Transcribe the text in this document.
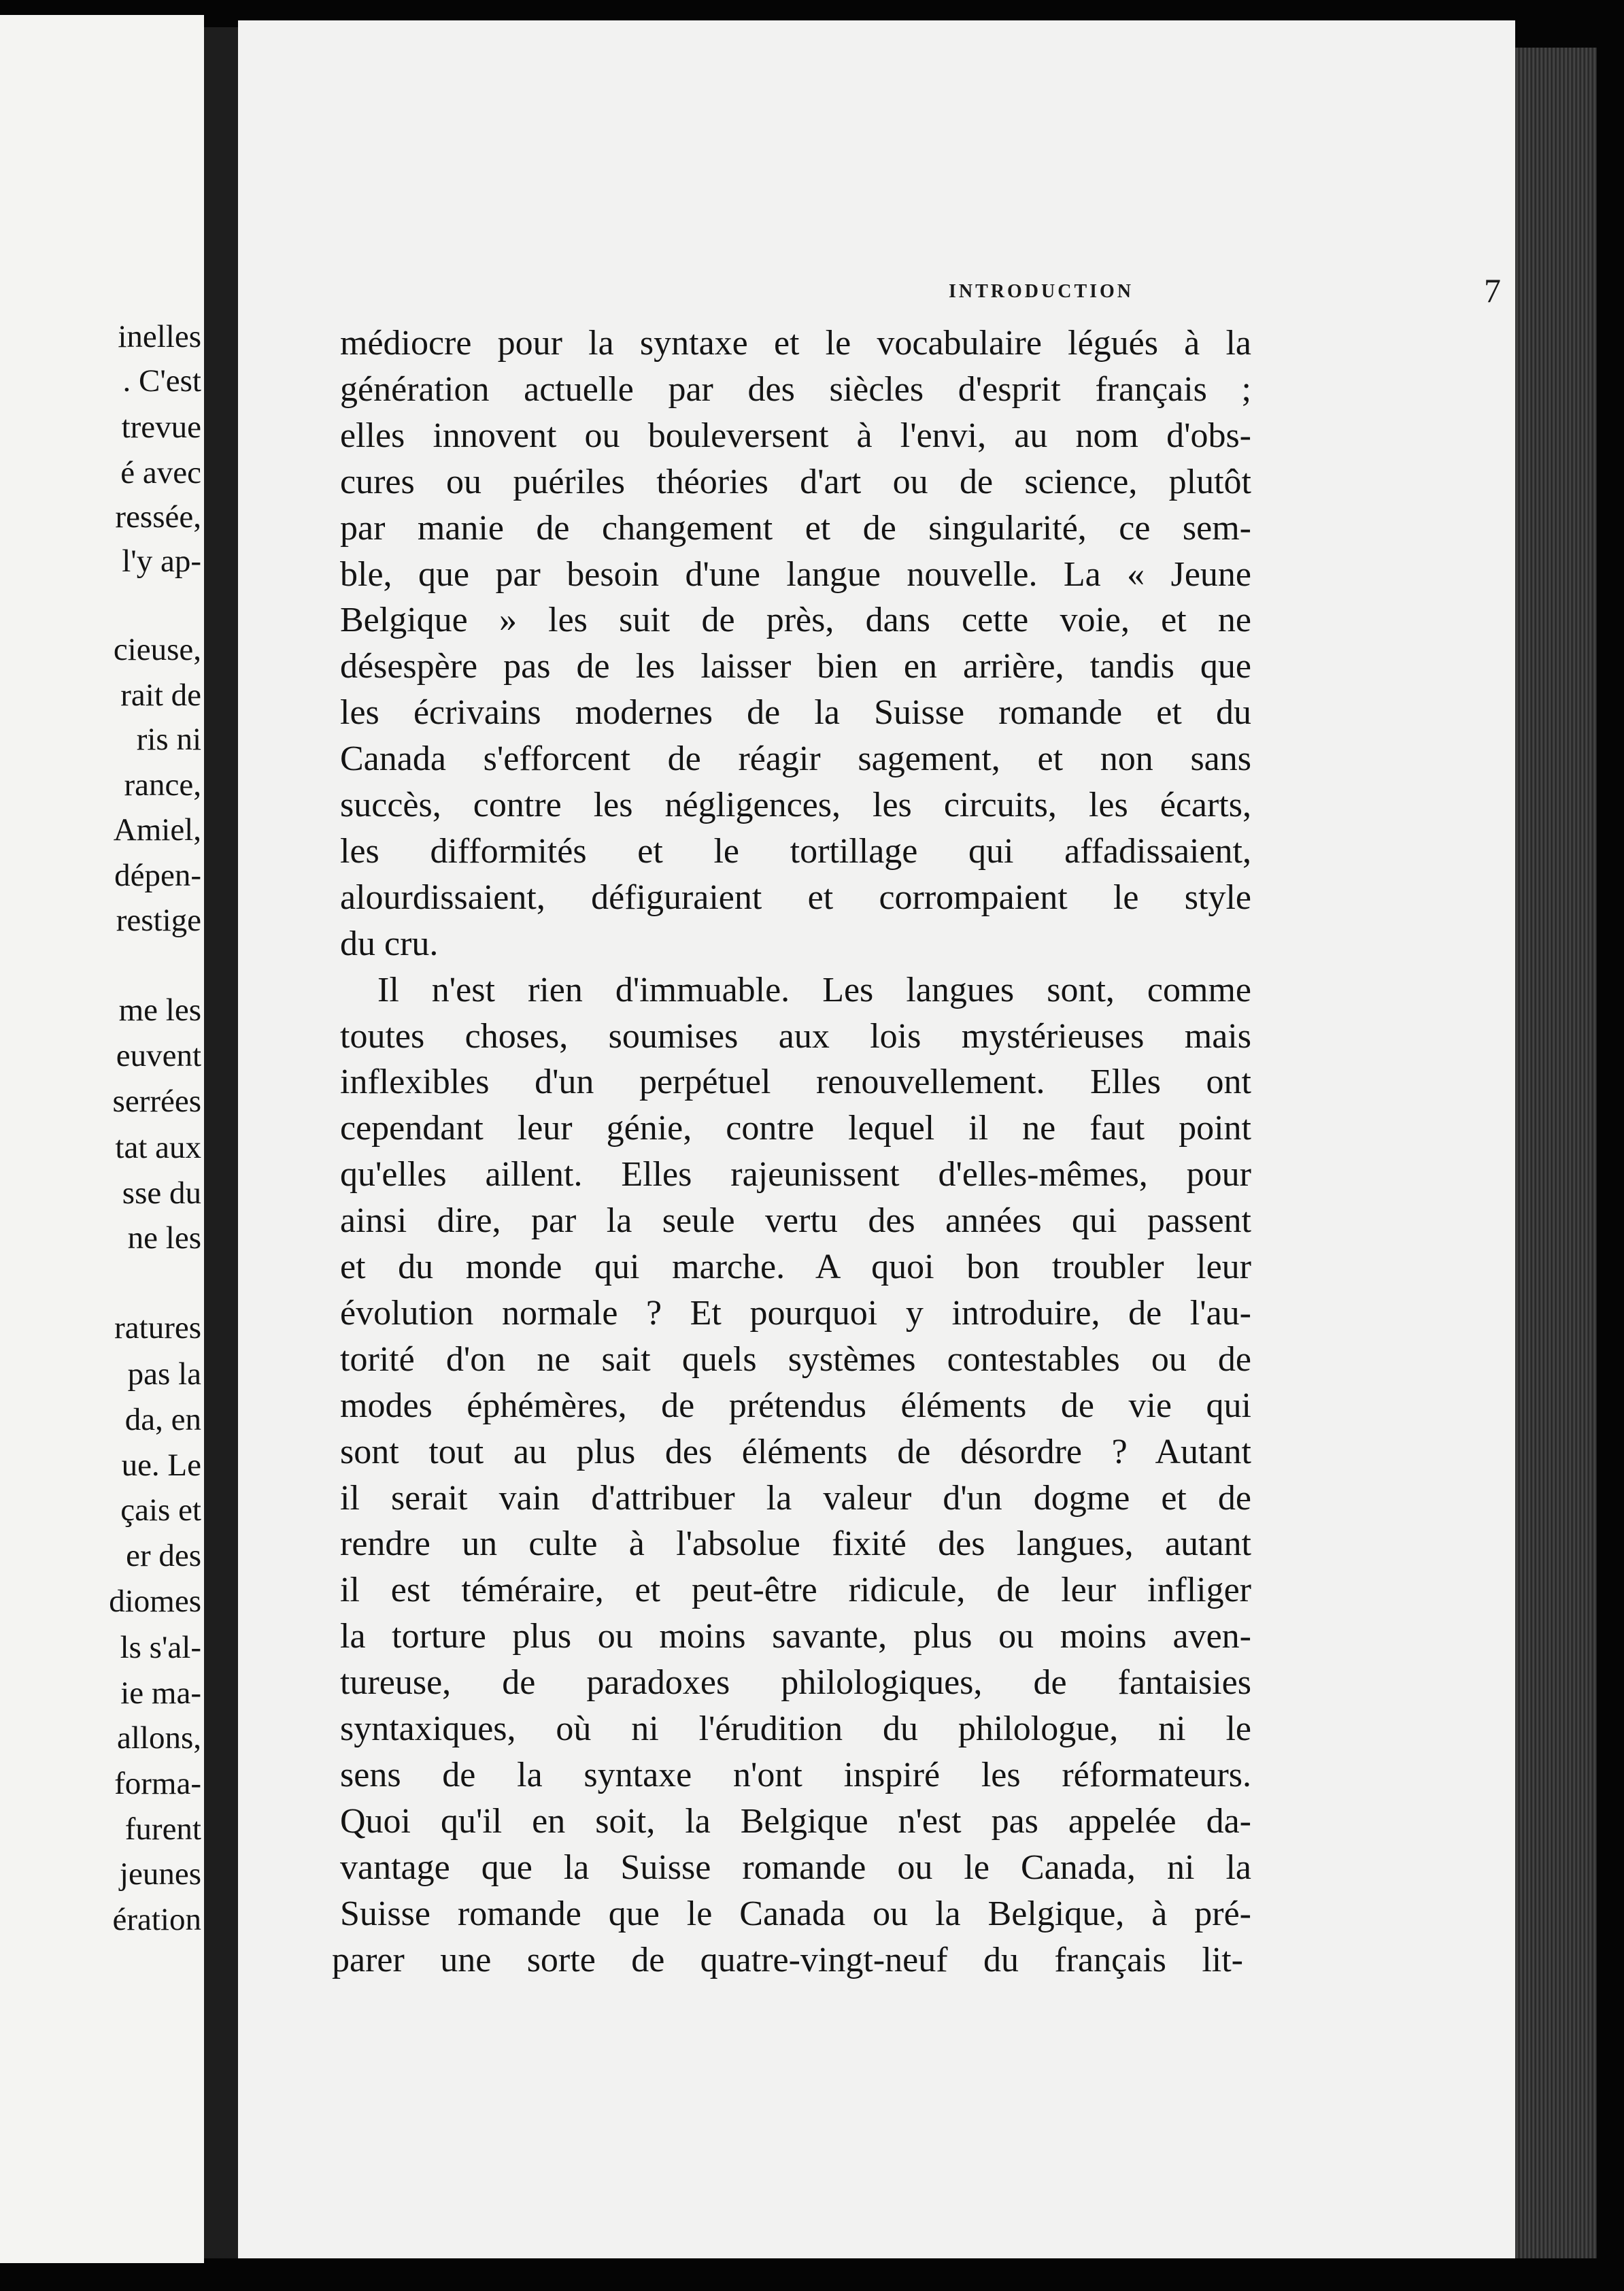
inelles
. C'est
trevue
é avec
ressée,
l'y ap-
cieuse,
rait de
ris ni
rance,
Amiel,
dépen-
restige
me les
euvent
serrées
tat aux
sse du
ne les
ratures
pas la
da, en
ue. Le
çais et
er des
diomes
ls s'al-
ie ma-
allons,
forma-
furent
jeunes
ération
INTRODUCTION	7
médiocre pour la syntaxe et le vocabulaire légués à la
génération actuelle par des siècles d'esprit français ;
elles innovent ou bouleversent à l'envi, au nom d'obs-
cures ou puériles théories d'art ou de science, plutôt
par manie de changement et de singularité, ce sem-
ble, que par besoin d'une langue nouvelle. La « Jeune
Belgique » les suit de près, dans cette voie, et ne
désespère pas de les laisser bien en arrière, tandis que
les écrivains modernes de la Suisse romande et du
Canada s'efforcent de réagir sagement, et non sans
succès, contre les négligences, les circuits, les écarts,
les difformités et le tortillage qui affadissaient,
alourdissaient, défiguraient et corrompaient le style
du cru.
Il n'est rien d'immuable. Les langues sont, comme
toutes choses, soumises aux lois mystérieuses mais
inflexibles d'un perpétuel renouvellement. Elles ont
cependant leur génie, contre lequel il ne faut point
qu'elles aillent. Elles rajeunissent d'elles-mêmes, pour
ainsi dire, par la seule vertu des années qui passent
et du monde qui marche. A quoi bon troubler leur
évolution normale ? Et pourquoi y introduire, de l'au-
torité d'on ne sait quels systèmes contestables ou de
modes éphémères, de prétendus éléments de vie qui
sont tout au plus des éléments de désordre ? Autant
il serait vain d'attribuer la valeur d'un dogme et de
rendre un culte à l'absolue fixité des langues, autant
il est téméraire, et peut-être ridicule, de leur infliger
la torture plus ou moins savante, plus ou moins aven-
tureuse, de paradoxes philologiques, de fantaisies
syntaxiques, où ni l'érudition du philologue, ni le
sens de la syntaxe n'ont inspiré les réformateurs.
Quoi qu'il en soit, la Belgique n'est pas appelée da-
vantage que la Suisse romande ou le Canada, ni la
Suisse romande que le Canada ou la Belgique, à pré-
parer une sorte de quatre-vingt-neuf du français lit-
